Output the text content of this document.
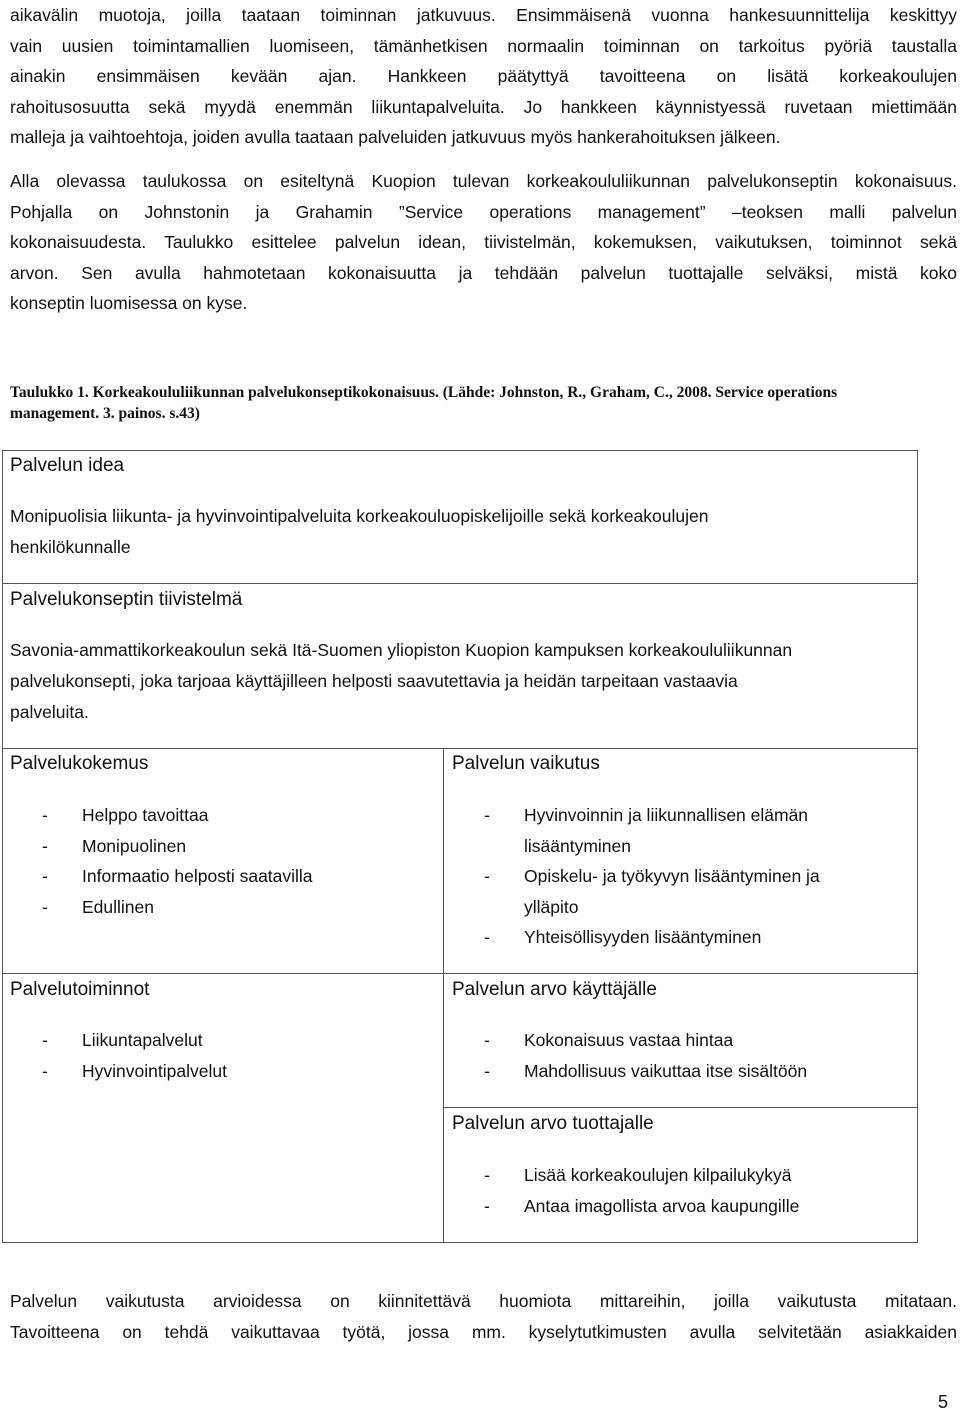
aikavälin muotoja, joilla taataan toiminnan jatkuvuus. Ensimmäisenä vuonna hankesuunnittelija keskittyy
vain uusien toimintamallien luomiseen, tämänhetkisen normaalin toiminnan on tarkoitus pyöriä taustalla
ainakin ensimmäisen kevään ajan. Hankkeen päätyttyä tavoitteena on lisätä korkeakoulujen
rahoitusosuutta sekä myydä enemmän liikuntapalveluita. Jo hankkeen käynnistyessä ruvetaan miettimään
malleja ja vaihtoehtoja, joiden avulla taataan palveluiden jatkuvuus myös hankerahoituksen jälkeen.
Alla olevassa taulukossa on esiteltynä Kuopion tulevan korkeakoululiikunnan palvelukonseptin kokonaisuus.
Pohjalla on Johnstonin ja Grahamin ”Service operations management” –teoksen malli palvelun
kokonaisuudesta. Taulukko esittelee palvelun idean, tiivistelmän, kokemuksen, vaikutuksen, toiminnot sekä
arvon. Sen avulla hahmotetaan kokonaisuutta ja tehdään palvelun tuottajalle selväksi, mistä koko
konseptin luomisessa on kyse.
Taulukko 1. Korkeakoululiikunnan palvelukonseptikokonaisuus. (Lähde: Johnston, R., Graham, C., 2008. Service operations
management. 3. painos. s.43)
Palvelun idea
Monipuolisia liikunta- ja hyvinvointipalveluita korkeakouluopiskelijoille sekä korkeakoulujen
henkilökunnalle
Palvelukonseptin tiivistelmä
Savonia-ammattikorkeakoulun sekä Itä-Suomen yliopiston Kuopion kampuksen korkeakoululiikunnan
palvelukonsepti, joka tarjoaa käyttäjilleen helposti saavutettavia ja heidän tarpeitaan vastaavia
palveluita.
Palvelukokemus
- Helppo tavoittaa
- Monipuolinen
- Informaatio helposti saatavilla
- Edullinen
Palvelun vaikutus
- Hyvinvoinnin ja liikunnallisen elämän
lisääntyminen
- Opiskelu- ja työkyvyn lisääntyminen ja
ylläpito
- Yhteisöllisyyden lisääntyminen
Palvelutoiminnot
- Liikuntapalvelut
- Hyvinvointipalvelut
Palvelun arvo käyttäjälle
- Kokonaisuus vastaa hintaa
- Mahdollisuus vaikuttaa itse sisältöön
Palvelun arvo tuottajalle
- Lisää korkeakoulujen kilpailukykyä
- Antaa imagollista arvoa kaupungille
Palvelun vaikutusta arvioidessa on kiinnitettävä huomiota mittareihin, joilla vaikutusta mitataan.
Tavoitteena on tehdä vaikuttavaa työtä, jossa mm. kyselytutkimusten avulla selvitetään asiakkaiden
5
